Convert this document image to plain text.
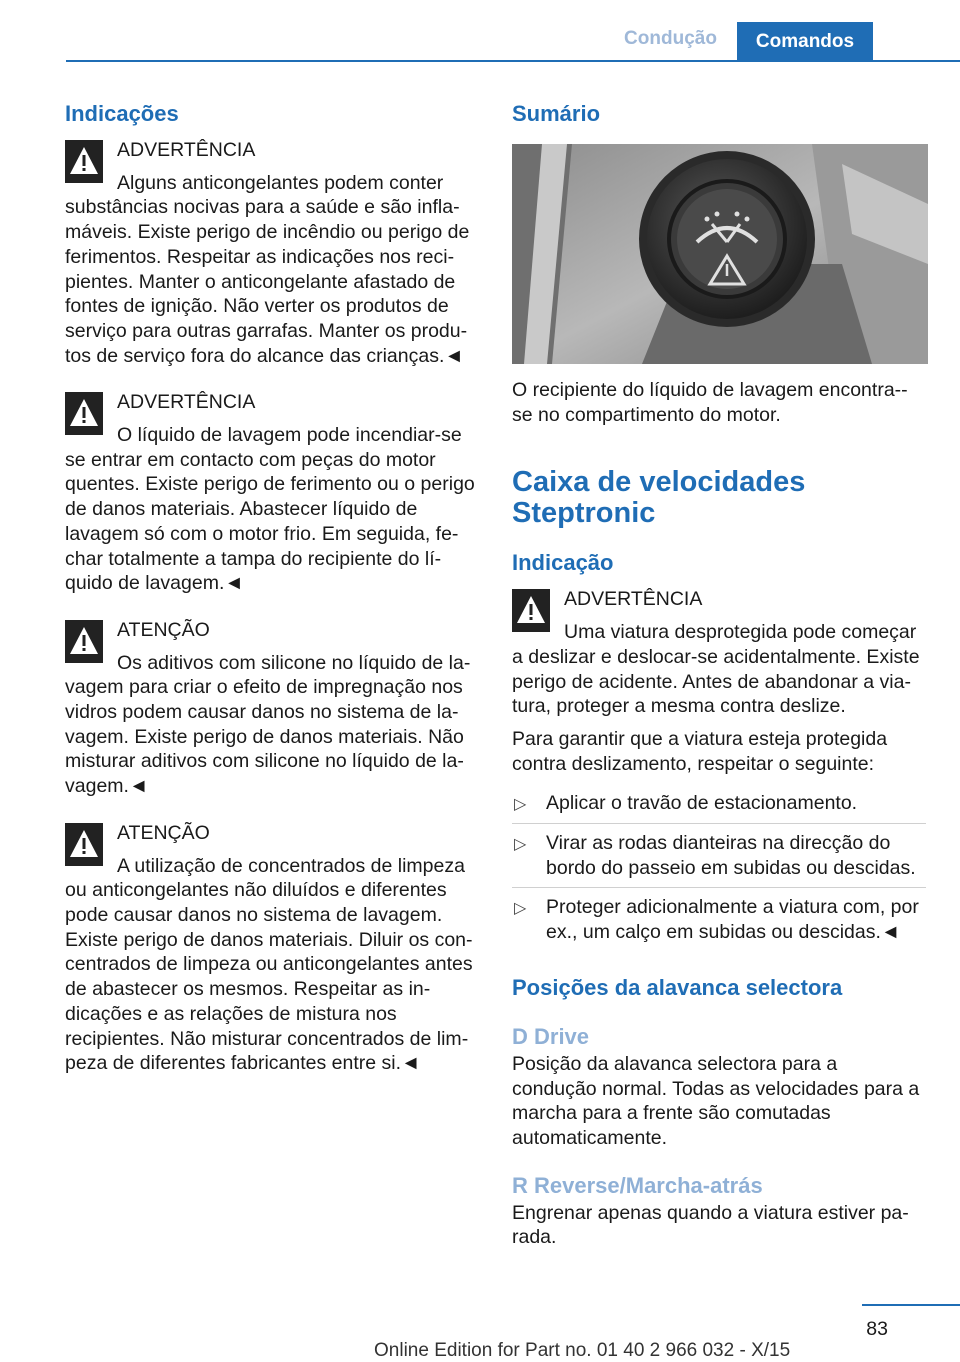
Condução	Comandos
Indicações
ADVERTÊNCIA

Alguns anticongelantes podem conter substâncias nocivas para a saúde e são inflamáveis. Existe perigo de incêndio ou perigo de ferimentos. Respeitar as indicações nos recipientes. Manter o anticongelante afastado de fontes de ignição. Não verter os produtos de serviço para outras garrafas. Manter os produtos de serviço fora do alcance das crianças.◄

ADVERTÊNCIA

O líquido de lavagem pode incendiar-se se entrar em contacto com peças do motor quentes. Existe perigo de ferimento ou o perigo de danos materiais. Abastecer líquido de lavagem só com o motor frio. Em seguida, fechar totalmente a tampa do recipiente do líquido de lavagem.◄

ATENÇÃO

Os aditivos com silicone no líquido de lavagem para criar o efeito de impregnação nos vidros podem causar danos no sistema de lavagem. Existe perigo de danos materiais. Não misturar aditivos com silicone no líquido de lavagem.◄

ATENÇÃO

A utilização de concentrados de limpeza ou anticongelantes não diluídos e diferentes pode causar danos no sistema de lavagem. Existe perigo de danos materiais. Diluir os concentrados de limpeza ou anticongelantes antes de abastecer os mesmos. Respeitar as indicações e as relações de mistura nos recipientes. Não misturar concentrados de limpeza de diferentes fabricantes entre si.◄

Sumário

O recipiente do líquido de lavagem encontra--se no compartimento do motor.

Caixa de velocidades Steptronic
Indicação
ADVERTÊNCIA

Uma viatura desprotegida pode começar a deslizar e deslocar-se acidentalmente. Existe perigo de acidente. Antes de abandonar a viatura, proteger a mesma contra deslize.

Para garantir que a viatura esteja protegida contra deslizamento, respeitar o seguinte:

▷ Aplicar o travão de estacionamento.
▷ Virar as rodas dianteiras na direcção do bordo do passeio em subidas ou descidas.
▷ Proteger adicionalmente a viatura com, por ex., um calço em subidas ou descidas.◄
Posições da alavanca selectora
D Drive

Posição da alavanca selectora para a condução normal. Todas as velocidades para a marcha para a frente são comutadas automaticamente.

R Reverse/Marcha-atrás

Engrenar apenas quando a viatura estiver parada.

83
Online Edition for Part no. 01 40 2 966 032 - X/15
